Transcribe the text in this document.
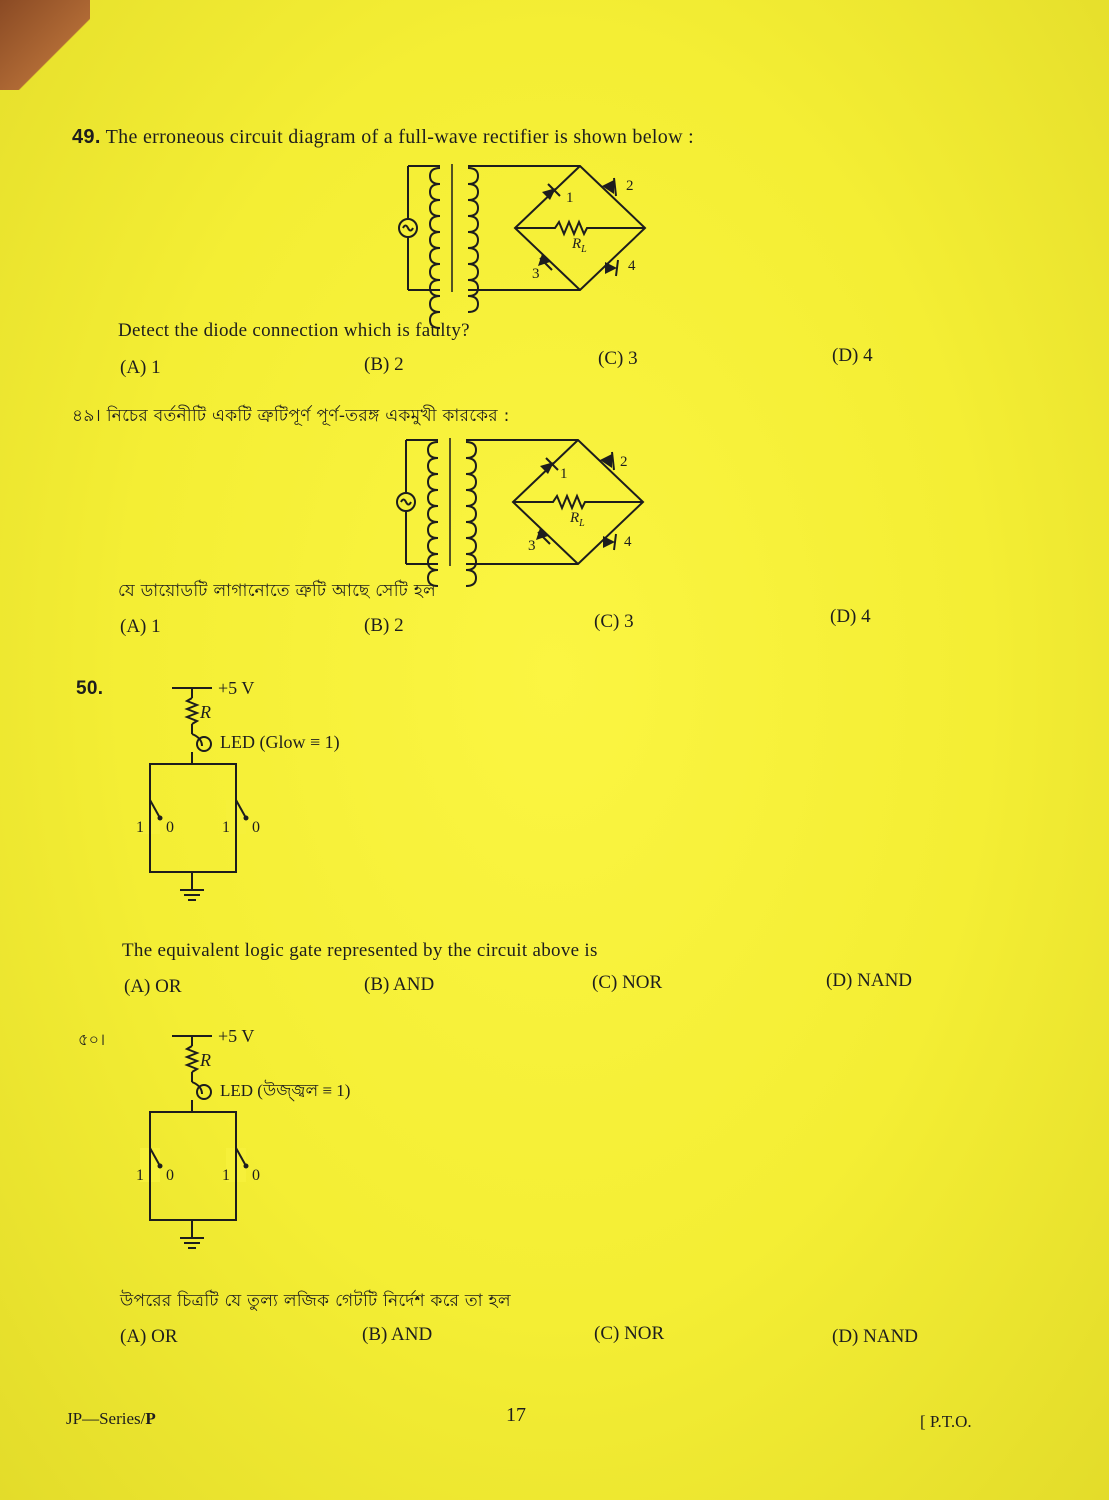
49. The erroneous circuit diagram of a full-wave rectifier is shown below :
1
2
3	4
$R_L$
Detect the diode connection which is faulty?
(A) 1	(B) 2	(C) 3	(D) 4
৪৯। নিচের বর্তনীটি একটি ত্রুটিপূর্ণ পূর্ণ-তরঙ্গ একমুখী কারকের :
1
2
3	4
$R_L$
যে ডায়োডটি লাগানোতে ত্রুটি আছে সেটি হল
(A) 1	(B) 2	(C) 3	(D) 4
50.	+5 V
R
LED (Glow ≡ 1)
1 0	1 0
The equivalent logic gate represented by the circuit above is
(A) OR	(B) AND	(C) NOR	(D) NAND
৫০।	+5 V
R
LED (উজ্জ্বল ≡ 1)
1 0	1 0
উপরের চিত্রটি যে তুল্য লজিক গেটটি নির্দেশ করে তা হল
(A) OR	(B) AND	(C) NOR	(D) NAND
JP—Series/P	17	[ P.T.O.
